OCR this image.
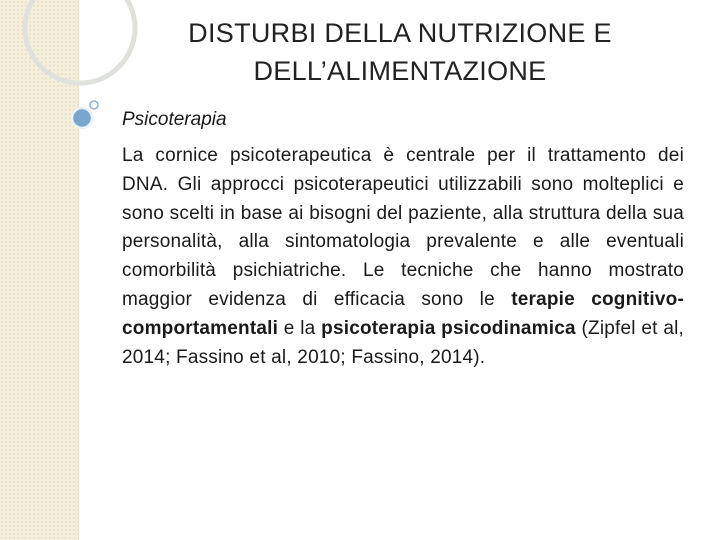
DISTURBI DELLA NUTRIZIONE E
DELL’ALIMENTAZIONE
Psicoterapia
La cornice psicoterapeutica è centrale per il trattamento dei DNA. Gli approcci psicoterapeutici utilizzabili sono molteplici e sono scelti in base ai bisogni del paziente, alla struttura della sua personalità, alla sintomatologia prevalente e alle eventuali comorbilità psichiatriche. Le tecniche che hanno mostrato maggior evidenza di efficacia sono le terapie cognitivo- comportamentali e la psicoterapia psicodinamica (Zipfel et al, 2014; Fassino et al, 2010; Fassino, 2014).
